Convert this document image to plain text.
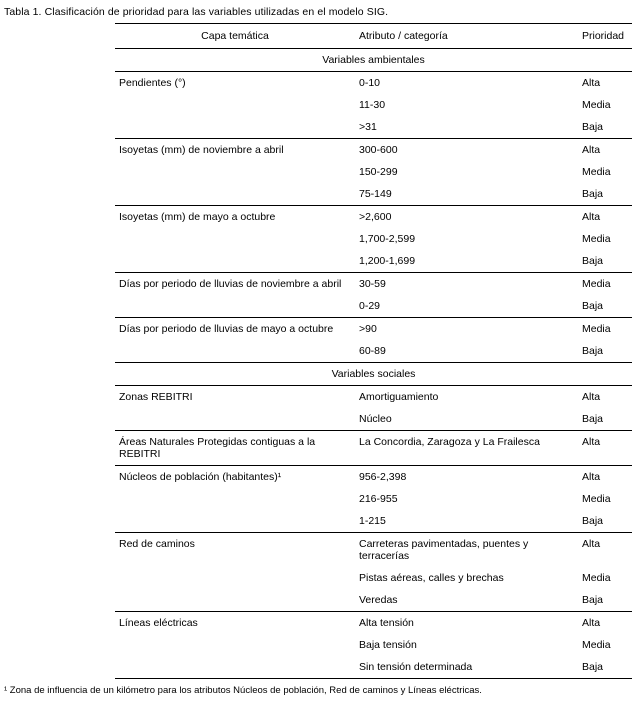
Tabla 1. Clasificación de prioridad para las variables utilizadas en el modelo SIG.
Capa temática	Atributo / categoría	Prioridad
Variables ambientales		
Pendientes (°)	0-10	Alta
	11-30	Media
	>31	Baja
Isoyetas (mm) de noviembre a abril	300-600	Alta
	150-299	Media
	75-149	Baja
Isoyetas (mm) de mayo a octubre	>2,600	Alta
	1,700-2,599	Media
	1,200-1,699	Baja
Días por periodo de lluvias de noviembre a abril	30-59	Media
	0-29	Baja
Días por periodo de lluvias de mayo a octubre	>90	Media
	60-89	Baja
Variables sociales		
Zonas REBITRI	Amortiguamiento	Alta
	Núcleo	Baja
Áreas Naturales Protegidas contiguas a la REBITRI	La Concordia, Zaragoza y La Frailesca	Alta
Núcleos de población (habitantes)¹	956-2,398	Alta
	216-955	Media
	1-215	Baja
Red de caminos	Carreteras pavimentadas, puentes y terracerías	Alta
	Pistas aéreas, calles y brechas	Media
	Veredas	Baja
Líneas eléctricas	Alta tensión	Alta
	Baja tensión	Media
	Sin tensión determinada	Baja
¹ Zona de influencia de un kilómetro para los atributos Núcleos de población, Red de caminos y Líneas eléctricas.
